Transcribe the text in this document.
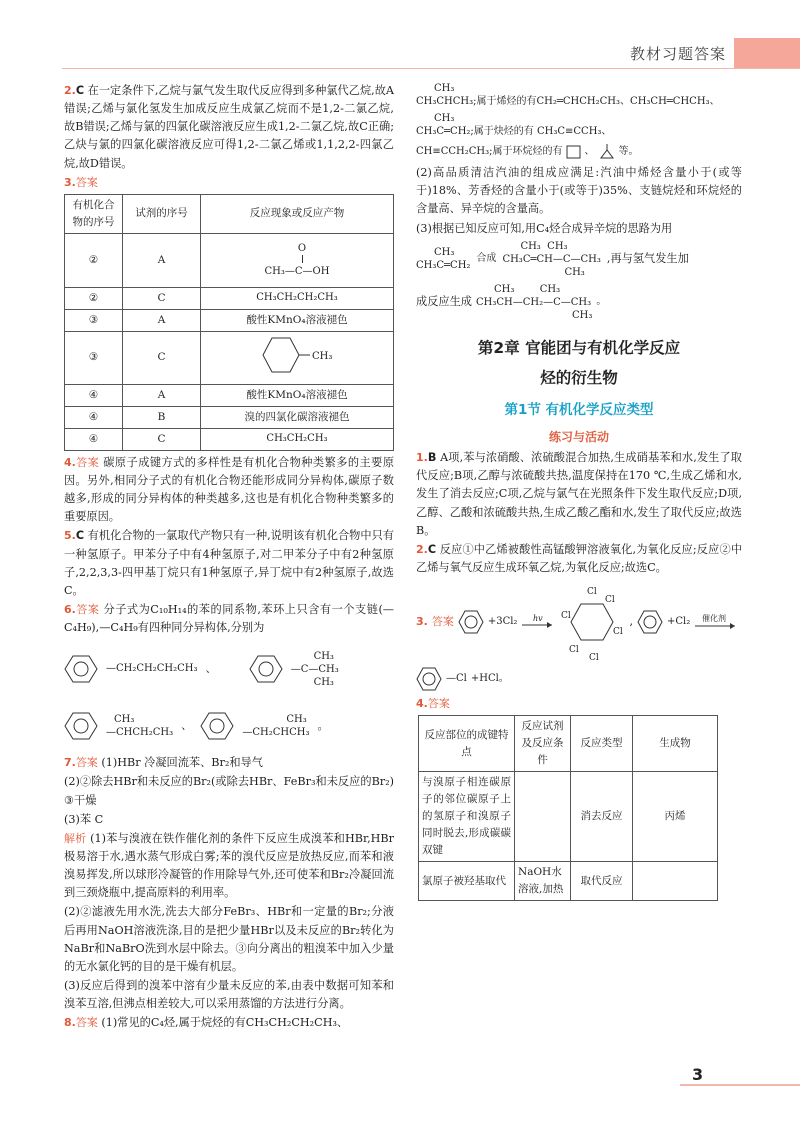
教材习题答案

2.C 在一定条件下,乙烷与氯气发生取代反应得到多种氯代乙烷,故A错误;乙烯与氯化氢发生加成反应生成氯乙烷而不是1,2-二氯乙烷,故B错误;乙烯与氯的四氯化碳溶液反应生成1,2-二氯乙烷,故C正确;乙炔与氯的四氯化碳溶液反应可得1,2-二氯乙烯或1,1,2,2-四氯乙烷,故D错误。

3.答案

有机化合物的序号	试剂的序号	反应现象或反应产物
②	A	O
CH₃—C—OH

②	C	CH₃CH₂CH₂CH₃
③	A	酸性KMnO₄溶液褪色
③	C	CH₃

④	A	酸性KMnO₄溶液褪色
④	B	溴的四氯化碳溶液褪色
④	C	CH₃CH₂CH₃

4.答案 碳原子成键方式的多样性是有机化合物种类繁多的主要原因。另外,相同分子式的有机化合物还能形成同分异构体,碳原子数越多,形成的同分异构体的种类越多,这也是有机化合物种类繁多的重要原因。

5.C 有机化合物的一氯取代产物只有一种,说明该有机化合物中只有一种氢原子。甲苯分子中有4种氢原子,对二甲苯分子中有2种氢原子,2,2,3,3-四甲基丁烷只有1种氢原子,异丁烷中有2种氢原子,故选C。

6.答案 分子式为C₁₀H₁₄的苯的同系物,苯环上只含有一个支链(—C₄H₉),—C₄H₉有四种同分异构体,分别为

—CH₂CH₂CH₂CH₃ 、
CH₃
—C—CH₃
CH₃
CH₃
—CHCH₂CH₃
、	CH₃
—CH₂CHCH₃
。

7.答案 (1)HBr 冷凝回流苯、Br₂和导气

(2)②除去HBr和未反应的Br₂(或除去HBr、FeBr₃和未反应的Br₂) ③干燥

(3)苯 C

解析 (1)苯与溴液在铁作催化剂的条件下反应生成溴苯和HBr,HBr极易溶于水,遇水蒸气形成白雾;苯的溴代反应是放热反应,而苯和液溴易挥发,所以球形冷凝管的作用除导气外,还可使苯和Br₂冷凝回流到三颈烧瓶中,提高原料的利用率。

(2)②滤液先用水洗,洗去大部分FeBr₃、HBr和一定量的Br₂;分液后再用NaOH溶液洗涤,目的是把少量HBr以及未反应的Br₂转化为NaBr和NaBrO洗到水层中除去。③向分离出的粗溴苯中加入少量的无水氯化钙的目的是干燥有机层。

(3)反应后得到的溴苯中溶有少量未反应的苯,由表中数据可知苯和溴苯互溶,但沸点相差较大,可以采用蒸馏的方法进行分离。

8.答案 (1)常见的C₄烃,属于烷烃的有CH₃CH₂CH₂CH₃、

CH₃
CH₃CHCH₃;属于烯烃的有CH₂═CHCH₂CH₃、CH₃CH═CHCH₃、
CH₃
CH₃C═CH₂;属于炔烃的有 CH₃C≡CCH₃、
CH≡CCH₂CH₃;属于环烷烃的有 、 等。

(2)高品质清洁汽油的组成应满足:汽油中烯烃含量小于(或等于)18%、芳香烃的含量小于(或等于)35%、支链烷烃和环烷烃的含量高、异辛烷的含量高。

(3)根据已知反应可知,用C₄烃合成异辛烷的思路为用

CH₃
CH₃C═CH₂
合成
CH₃  CH₃
CH₃C═CH—C—CH₃
CH₃
,再与氢气发生加
成反应生成
CH₃        CH₃
CH₃CH—CH₂—C—CH₃
CH₃
。
第2章 官能团与有机化学反应
烃的衍生物
第1节 有机化学反应类型
练习与活动

1.B A项,苯与浓硝酸、浓硫酸混合加热,生成硝基苯和水,发生了取代反应;B项,乙醇与浓硫酸共热,温度保持在170 ℃,生成乙烯和水,发生了消去反应;C项,乙烷与氯气在光照条件下发生取代反应;D项,乙醇、乙酸和浓硫酸共热,生成乙酸乙酯和水,发生了取代反应;故选B。

2.C 反应①中乙烯被酸性高锰酸钾溶液氧化,为氧化反应;反应②中乙烯与氧气反应生成环氧乙烷,为氧化反应;故选C。

3. 答案	+3Cl₂ hv
Cl
Cl
Cl
Cl
Cl
Cl
,	+Cl₂ 催化剂
—Cl +HCl。

4.答案

反应部位的成键特点	反应试剂及反应条件	反应类型	生成物
与溴原子相连碳原子的邻位碳原子上的氢原子和溴原子同时脱去,形成碳碳双键		消去反应	丙烯
氯原子被羟基取代	NaOH水溶液,加热	取代反应	
3
